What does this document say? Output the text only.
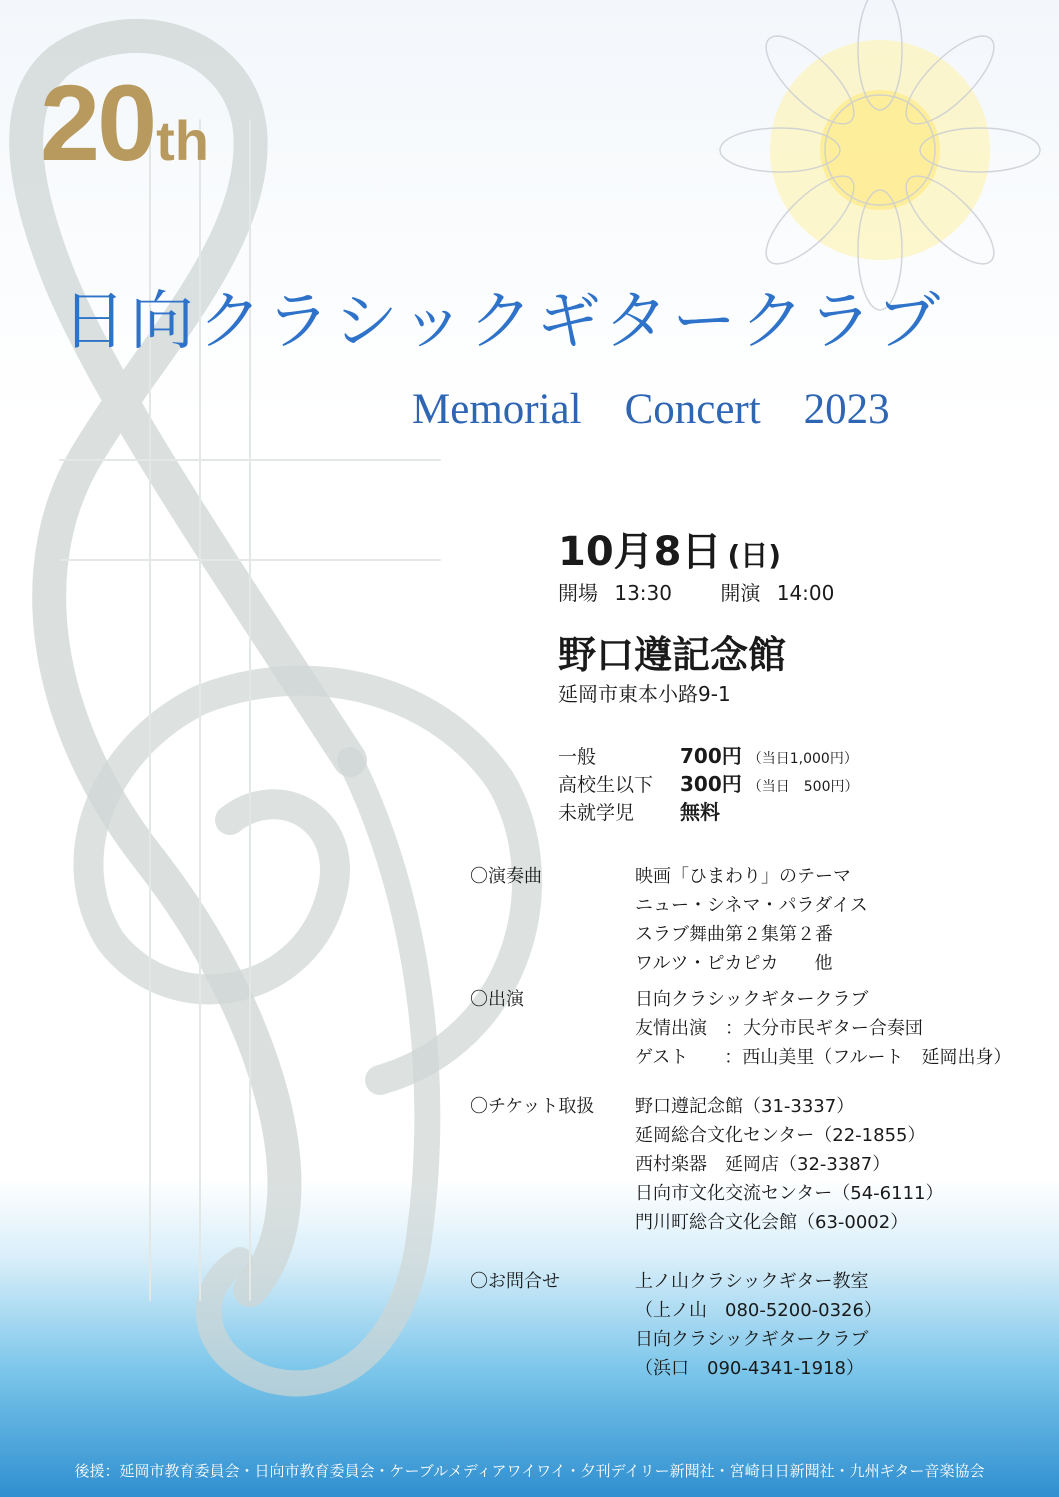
20th
日向クラシックギタークラブ
Memorial　Concert　2023
10月8日 (日)
開場 13:30 開演 14:00
野口遵記念館
延岡市東本小路9-1
一般	700円 （当日1,000円）
高校生以下 300円 （当日　500円）
未就学児 無料
〇演奏曲	映画「ひまわり」のテーマ
ニュー・シネマ・パラダイス
スラブ舞曲第２集第２番
ワルツ・ピカピカ　　他
〇出演	日向クラシックギタークラブ
友情出演　：大分市民ギター合奏団
ゲスト　　：西山美里（フルート　延岡出身）
〇チケット取扱	野口遵記念館（31-3337）
延岡総合文化センター（22-1855）
西村楽器　延岡店（32-3387）
日向市文化交流センター（54-6111）
門川町総合文化会館（63-0002）
〇お問合せ	上ノ山クラシックギター教室
（上ノ山　080-5200-0326）
日向クラシックギタークラブ
（浜口　090-4341-1918）
後援：延岡市教育委員会・日向市教育委員会・ケーブルメディアワイワイ・夕刊デイリー新聞社・宮崎日日新聞社・九州ギター音楽協会
